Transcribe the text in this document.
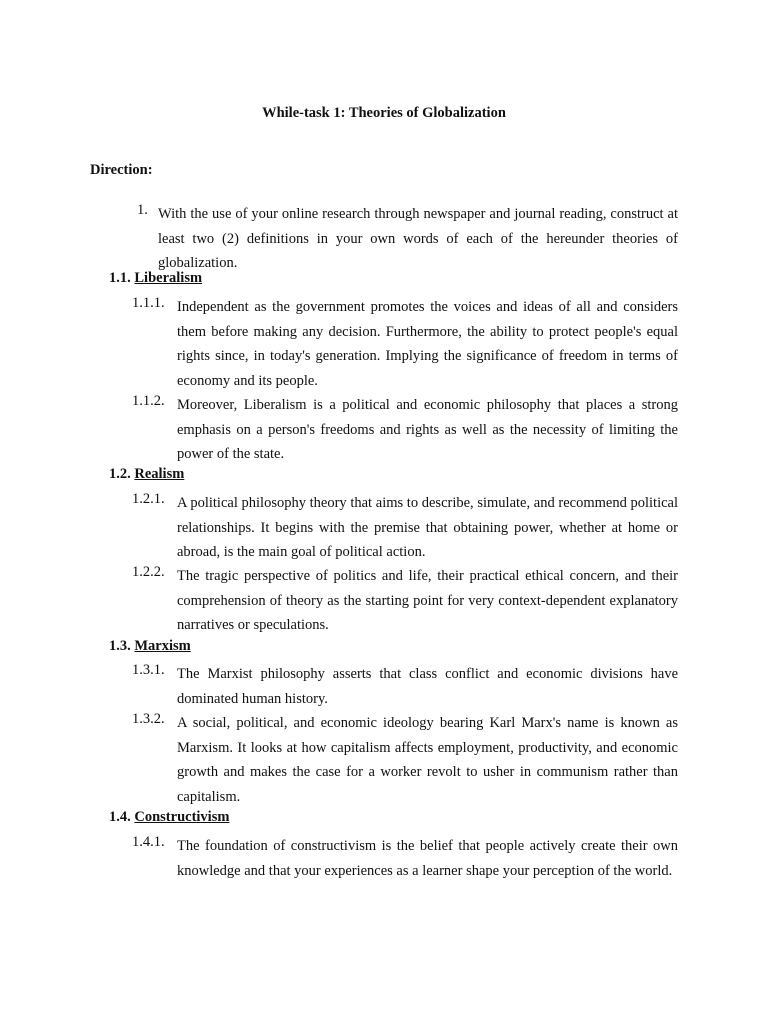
While-task 1: Theories of Globalization
Direction:
1. With the use of your online research through newspaper and journal reading, construct at least two (2) definitions in your own words of each of the hereunder theories of globalization.
1.1. Liberalism
1.1.1. Independent as the government promotes the voices and ideas of all and considers them before making any decision. Furthermore, the ability to protect people's equal rights since, in today's generation. Implying the significance of freedom in terms of economy and its people.
1.1.2. Moreover, Liberalism is a political and economic philosophy that places a strong emphasis on a person's freedoms and rights as well as the necessity of limiting the power of the state.
1.2. Realism
1.2.1. A political philosophy theory that aims to describe, simulate, and recommend political relationships. It begins with the premise that obtaining power, whether at home or abroad, is the main goal of political action.
1.2.2. The tragic perspective of politics and life, their practical ethical concern, and their comprehension of theory as the starting point for very context-dependent explanatory narratives or speculations.
1.3. Marxism
1.3.1. The Marxist philosophy asserts that class conflict and economic divisions have dominated human history.
1.3.2. A social, political, and economic ideology bearing Karl Marx's name is known as Marxism. It looks at how capitalism affects employment, productivity, and economic growth and makes the case for a worker revolt to usher in communism rather than capitalism.
1.4. Constructivism
1.4.1. The foundation of constructivism is the belief that people actively create their own knowledge and that your experiences as a learner shape your perception of the world.
